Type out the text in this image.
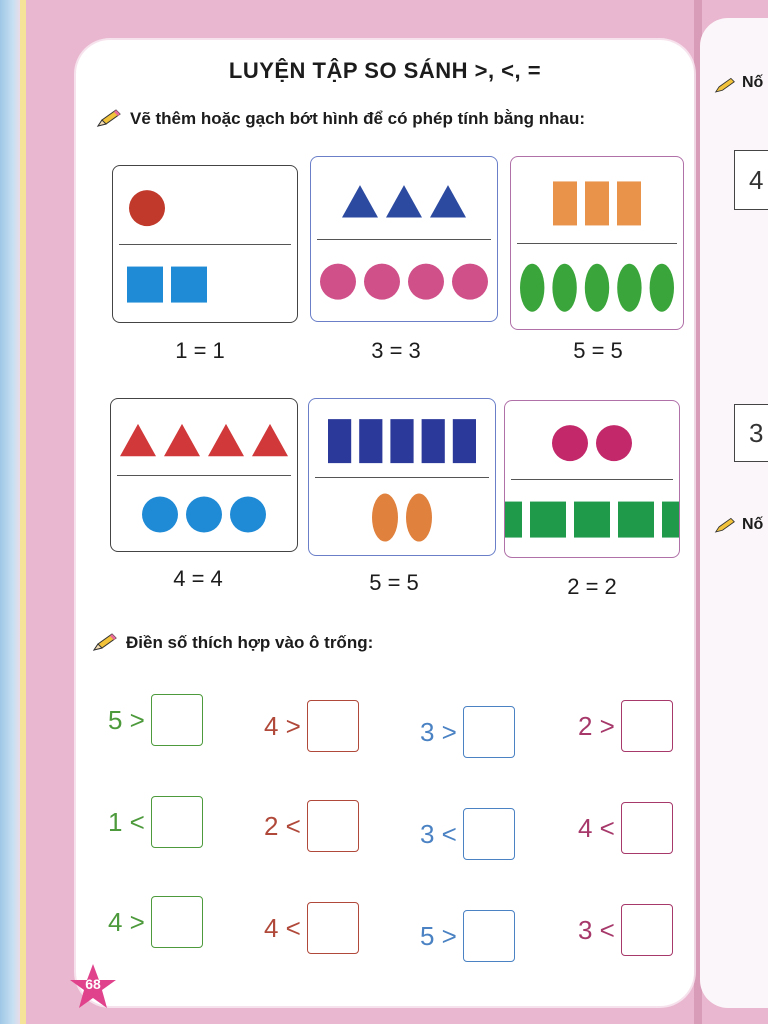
LUYỆN TẬP SO SÁNH >, <, =
Vẽ thêm hoặc gạch bớt hình để có phép tính bằng nhau:
1 = 1	3 = 3	5 = 5
4 = 4	5 = 5	2 = 2
Điền số thích hợp vào ô trống:
5 >	4 >	3 >	2 >
1 <	2 <	3 <	4 <
4 >	4 <	5 >	3 <
68
Nố
4
3
Nố
